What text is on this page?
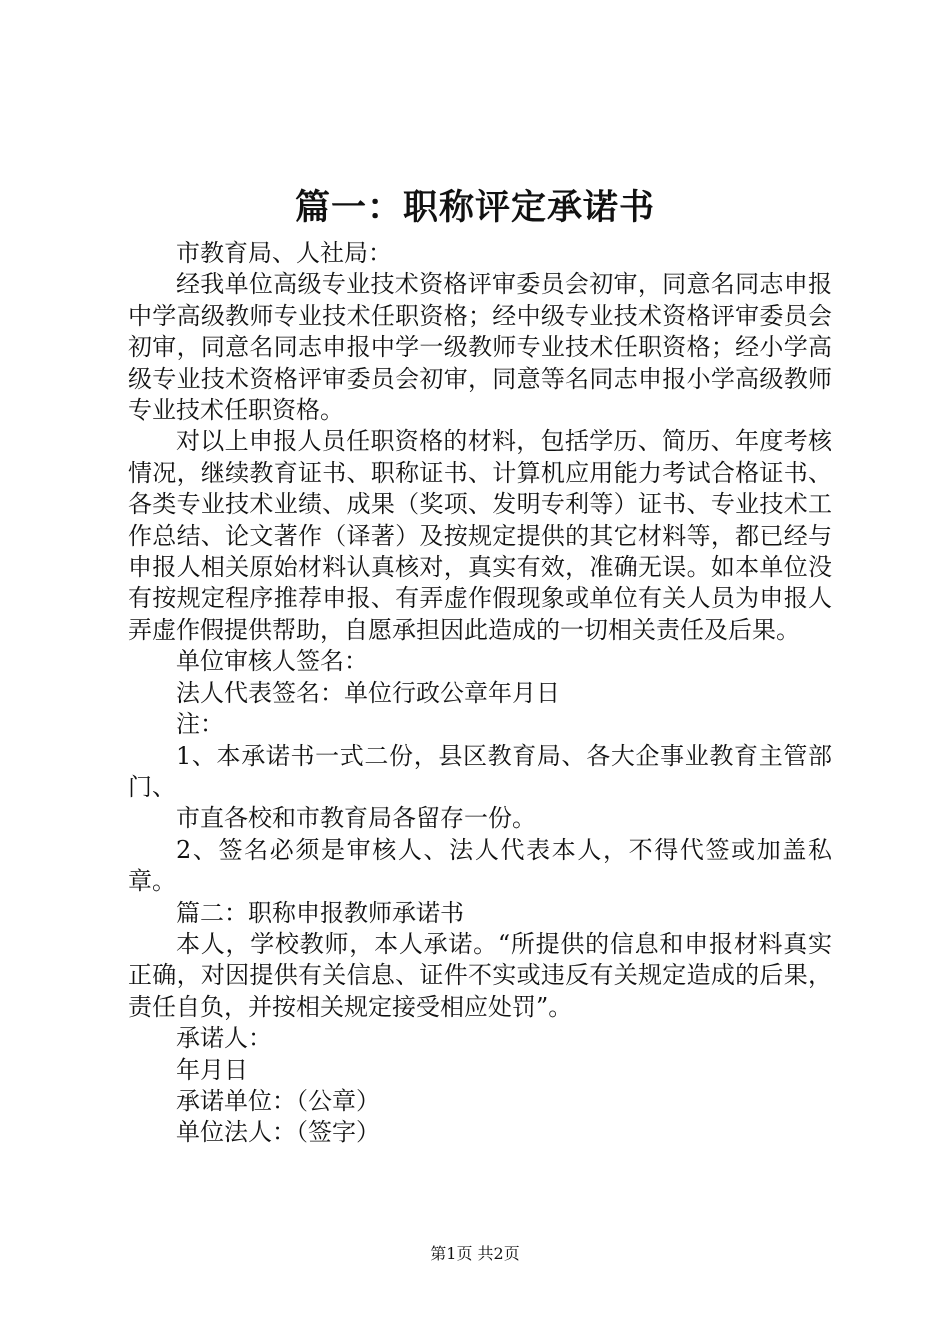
篇一：职称评定承诺书

市教育局、人社局：

经我单位高级专业技术资格评审委员会初审，同意名同志申报中学高级教师专业技术任职资格；经中级专业技术资格评审委员会初审，同意名同志申报中学一级教师专业技术任职资格；经小学高级专业技术资格评审委员会初审，同意等名同志申报小学高级教师专业技术任职资格。

对以上申报人员任职资格的材料，包括学历、简历、年度考核情况，继续教育证书、职称证书、计算机应用能力考试合格证书、各类专业技术业绩、成果（奖项、发明专利等）证书、专业技术工作总结、论文著作（译著）及按规定提供的其它材料等，都已经与申报人相关原始材料认真核对，真实有效，准确无误。如本单位没有按规定程序推荐申报、有弄虚作假现象或单位有关人员为申报人弄虚作假提供帮助，自愿承担因此造成的一切相关责任及后果。

单位审核人签名：

法人代表签名：单位行政公章年月日

注：

1、本承诺书一式二份，县区教育局、各大企事业教育主管部门、

市直各校和市教育局各留存一份。

2、签名必须是审核人、法人代表本人，不得代签或加盖私章。

篇二：职称申报教师承诺书

本人，学校教师，本人承诺。“所提供的信息和申报材料真实正确，对因提供有关信息、证件不实或违反有关规定造成的后果，责任自负，并按相关规定接受相应处罚”。

承诺人：

年月日

承诺单位：（公章）

单位法人：（签字）

第1页 共2页
